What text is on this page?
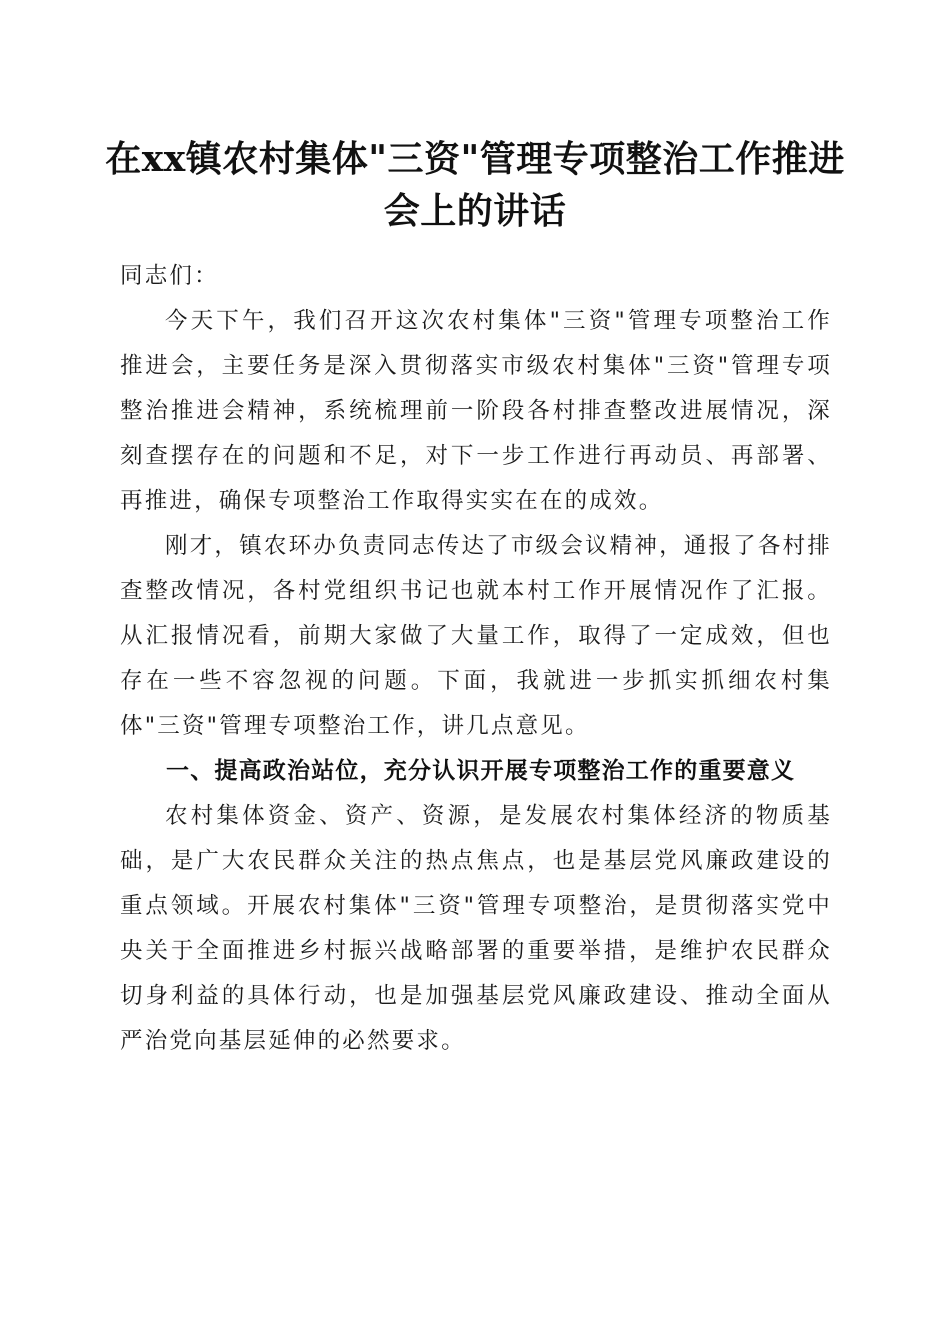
在xx镇农村集体"三资"管理专项整治工作推进会上的讲话

同志们：

今天下午，我们召开这次农村集体"三资"管理专项整治工作推进会，主要任务是深入贯彻落实市级农村集体"三资"管理专项整治推进会精神，系统梳理前一阶段各村排查整改进展情况，深刻查摆存在的问题和不足，对下一步工作进行再动员、再部署、再推进，确保专项整治工作取得实实在在的成效。

刚才，镇农环办负责同志传达了市级会议精神，通报了各村排查整改情况，各村党组织书记也就本村工作开展情况作了汇报。从汇报情况看，前期大家做了大量工作，取得了一定成效，但也存在一些不容忽视的问题。下面，我就进一步抓实抓细农村集体"三资"管理专项整治工作，讲几点意见。

一、提高政治站位，充分认识开展专项整治工作的重要意义

农村集体资金、资产、资源，是发展农村集体经济的物质基础，是广大农民群众关注的热点焦点，也是基层党风廉政建设的重点领域。开展农村集体"三资"管理专项整治，是贯彻落实党中央关于全面推进乡村振兴战略部署的重要举措，是维护农民群众切身利益的具体行动，也是加强基层党风廉政建设、推动全面从严治党向基层延伸的必然要求。
